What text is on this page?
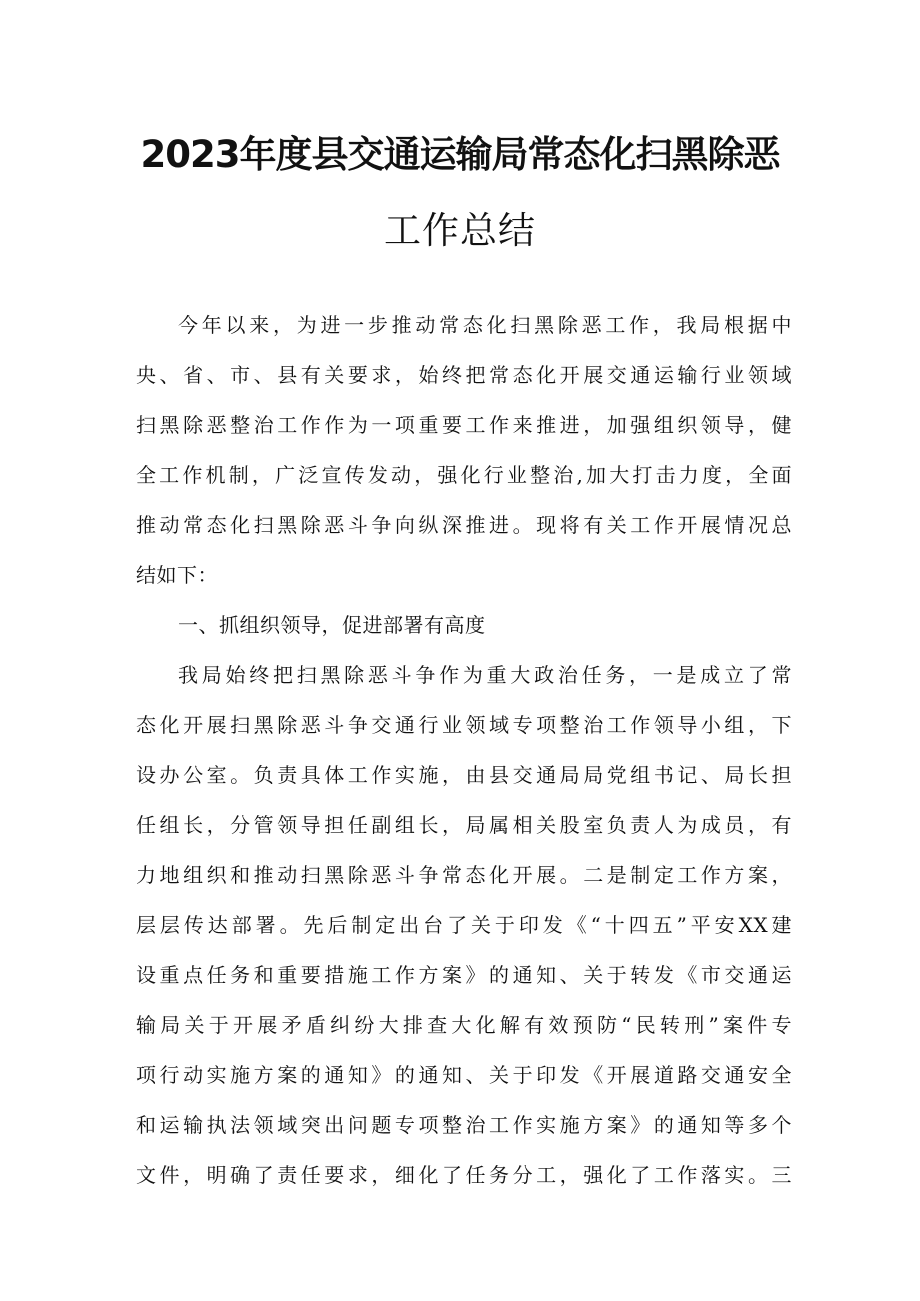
2023年度县交通运输局常态化扫黑除恶
工作总结
今年以来，为进一步推动常态化扫黑除恶工作，我局根据中
央、省、市、县有关要求，始终把常态化开展交通运输行业领域
扫黑除恶整治工作作为一项重要工作来推进，加强组织领导，健
全工作机制，广泛宣传发动，强化行业整治,加大打击力度，全面
推动常态化扫黑除恶斗争向纵深推进。现将有关工作开展情况总
结如下：
一、抓组织领导，促进部署有高度
我局始终把扫黑除恶斗争作为重大政治任务，一是成立了常
态化开展扫黑除恶斗争交通行业领域专项整治工作领导小组，下
设办公室。负责具体工作实施，由县交通局局党组书记、局长担
任组长，分管领导担任副组长，局属相关股室负责人为成员，有
力地组织和推动扫黑除恶斗争常态化开展。二是制定工作方案，
层层传达部署。先后制定出台了关于印发《“十四五”平安XX建
设重点任务和重要措施工作方案》的通知、关于转发《市交通运
输局关于开展矛盾纠纷大排查大化解有效预防“民转刑”案件专
项行动实施方案的通知》的通知、关于印发《开展道路交通安全
和运输执法领域突出问题专项整治工作实施方案》的通知等多个
文件，明确了责任要求，细化了任务分工，强化了工作落实。三
